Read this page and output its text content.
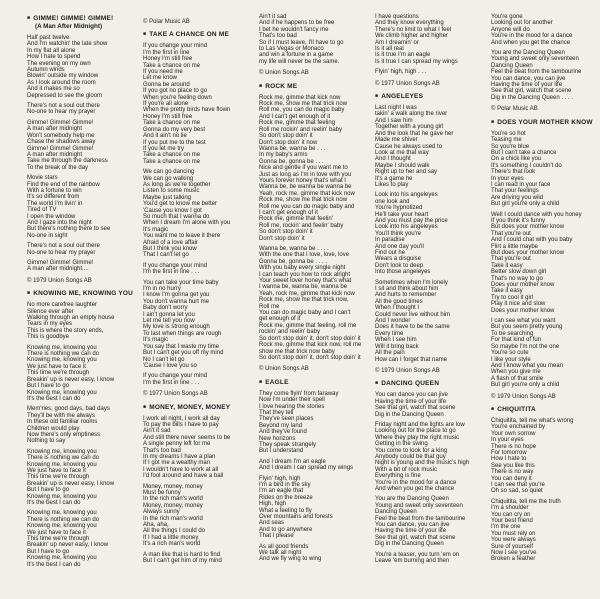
■ GIMME! GIMME! GIMME!
(A Man After Midnight)
Half past twelve
And I'm watchin' the late show
In my flat all alone
How I hate to spend
The evening on my own
Autumn winds
Blowin' outside my window
As I look around the room
And it makes me so
Depressed to see the gloom
There's not a soul out there
No-one to hear my prayer
Gimme! Gimme! Gimme!
A man after midnight
Won't somebody help me
Chase the shadows away
Gimme! Gimme! Gimme!
A man after midnight
Take me through the darkness
To the break of the day
Movie stars
Find the end of the rainbow
With a fortune to win
It's so different from
The world I'm livin' in
Tired of TV
I open the window
And I gaze into the night
But there's nothing there to see
No-one in sight
There's not a soul out there
No-one to hear my prayer
Gimme! Gimme! Gimme!
A man after midnight....
© 1979 Union Songs AB
■ KNOWING ME, KNOWING YOU
No more carefree laughter
Silence ever after
Walking through an empty house
Tears in my eyes
This is where the story ends,
This is goodbye
Knowing me, knowing you
There is nothing we can do
Knowing me, knowing you
We just have to face it
This time we're through
Breakin' up is never easy, I know
But I have to go
Knowing me, knowing you
It's the best I can do
Mem'ries, good days, bad days
They'll be with me always
In these old familiar rooms
Children would play
Now there's only emptiness
Nothing to say
Knowing me, knowing you
There is nothing we can do
Knowing me, knowing you
We just have to face it
This time we're through
Breakin' up is never easy, I know
But I have to go
Knowing me, knowing you
It's the best I can do
Knowing me, knowing you
There is nothing we can do
Knowing me, knowing you
We just have to face it
This time we're through
Breakin' up never easy, I know
But I have to go
Knowing me, knowing you
It's the best I can do
© Polar Music AB
■ TAKE A CHANCE ON ME
If you change your mind
I'm the first in line
Honey I'm still free
Take a chance on me
If you need me
Let me know
Gonna be around
If you got no place to go
When you're feeling down
If you're all alone
When the pretty birds have flown
Honey I'm still free
Take a chance on me
Gonna do my very best
And it ain't no lie
If you put me to the test
If you let me try
Take a chance on me
Take a chance on me
We can go dancing
We can go walking
As long as we're together
Listen to some music
Maybe just talking
You'd get to know me better
'Cause you know I got
So much that I wanna do
When I dream I'm alone with you
It's magic
You want me to leave it there
Afraid of a love affair
But I think you know
That I can't let go
If you change your mind
I'm the first in line . . .
You can take your time baby
I'm in no hurry
I know I'm gonna get you
You don't wanna hurt me
Baby don't worry
I ain't gonna let you
Let me tell you now
My love is strong enough
To last when things are rough
It's magic
You say that I waste my time
But I can't get you off my mind
No I can't let go
'Cause I love you so
If you change your mind
I'm the first in line . . .
© 1977 Union Songs AB
■ MONEY, MONEY, MONEY
I work all night, I work all day
To pay the bills I have to pay
Ain't it sad
And still there never seems to be
A single penny left for me
That's too bad
In my dreams I have a plan
If I got me a wealthy man
I wouldn't have to work at all
I'd fool around and have a ball
Money, money, money
Must be funny
In the rich man's world
Money, money, money
Always sunny
In the rich man's world
Aha, aha,
All the things I could do
If I had a little money
It's a rich man's world
A man like that is hard to find
But I can't get him of my mind
Ain't it sad
And if he happens to be free
I bet he wouldn't fancy me
That's too bad
So if I must leave, I'll have to go
to Las Vegas or Monaco
and win a fortune in a game
my life will never be the same.
© Union Songs AB
■ ROCK ME
Rock me, gimme that kick now
Rock me, show me that trick now
Roll me, you can do magic baby
And I can't get enough of it
Rock me, gimme that feeling
Roll me rockin' and reelin' baby
So don't stop doin' it
Don't stop doin' it now
Wanna be, wanna be . . .
In my baby's arms
Gonna be, gonna be . . .
Nice and gentle if you want me to
Just as long as I'm in love with you
Yours forever honey that's what I
Wanna be, be wanna be wanna be
Yeah, rock me, gimme that kick now
Rock me, show me that trick now
Roll me you can do magic baby and
I can't get enough of it
Rock me, gimme that feelin'
Roll me, rockin' and feelin' baby
So don't stop doin' it
Don't stop doin' it
Wanna be, wanna be . . . .
With the one that I love, love, love
Gonna be, gonna be . . . .
With you baby every single night
I can teach you how to rock alright
Your sweet lover honey that's what
I wanna be, wanna be, wanna be
Yeah, rock me, gimme that kick now
Rock me, show me that trick now,
Roll me
You can do magic baby and I can't
get enough of it
Rock me, gimme that feeling, roll me
rockin' and reelin' baby
So don't stop doin' it, don't stop doin' it
Rock me, gimme that kick now, roll me
show me that trick now baby
So don't stop doin' it, don't stop doin' it
© Union Songs AB
■ EAGLE
They come flyin' from faraway
Now I'm under their spell
I love hearing the stories
That they tell
They've seen places
Beyond my land
And they've found
New horizons
They speak strangely
But I understand
And I dream I'm an eagle
And I dream I can spread my wings
Flyin' high, high
I'm a bird in the sky
I'm an eagle that
Rides on the breeze
High, high
What a feeling to fly
Over mountains and forests
And seas
And to go anywhere
That I please
As all good friends
We talk all night
And we fly wing to wing
I have questions
And they know everything
There's no limit to what I feel
We climb higher and higher
Am I dreamin' or
Is it all real
Is it true I'm an eagle
Is it true I can spread my wings
Flyin' high, high . . .
© 1977 Union Songs AB
■ ANGELEYES
Last night I was
takin' a walk along the river
And I saw him
Together with a young girl
And the look that he gave her
Made me shiver
Cause he always used to
Look at me that way
And I thought
Maybe I should walk
Right up to her and say
It's a game he
Likes to play
Look into his angeleyes
one look and
You're hypnotized
He'll take your heart
And you must pay the price
Look into his angeleyes
You'll think you're
In paradise
And one day you'll
Find out he
Wears a disguise
Don't look to deep
Into those angeleyes
Sometimes when I'm lonely
I sit and think about him
And hurts to remember
All the good times
When I thought I
Could never live without him
And I wonder
Does it have to be the same
Every time
When I see him
Will it bring back
All the pain
How can I forget that name
© 1979 Union Songs AB
■ DANCING QUEEN
You can dance you can jive
Having the time of your life
See that girl, watch that scene
Dig in the Dancing Queen
Friday night and the lights are low
Looking out for the place to go
Where they play the right music
Getting in the swing
You come to look for a king
Anybody could be that guy
Night is young and the music's high
With a bit of rock music
Everything is fine
You're in the mood for a dance
And when you get the chance
You are the Dancing Queen
Young and sweet only seventeen
Dancing Queen
Feel the beat from the tambourine
You can dance, you can jive
Having the time of your life
See that girl, watch that scene
Dig in the Dancing Queen
You're a teaser, you turn 'em on
Leave 'em burning and then
You're gone
Looking out for another
Anyone will do
You're in the mood for a dance
And when you get the chance
You are the Dancing Queen
Young and sweet only seventeen
Dancing Queen
Feel the beat from the tambourine
You can dance, you can jive
Having the time of your life
See that girl, watch that scene
Dig in the Dancing Queen . . . .
© Polar Music AB
■ DOES YOUR MOTHER KNOW
You're so hot
Teasing me
So you're blue
But I can't take a chance
On a chick like you
It's something I couldn't do
There's that look
In your eyes
I can read in your face
That your feelings
Are driving you wild
But girl you're only a child
Well I could dance with you honey
If you think it's funny
But does your mother know
That you're out
And I could chat with you baby
Flirt a little maybe
But does your mother know
That you're out
Take it easy
Better slow down girl
That's no way to go
Does your mother know
Take it easy
Try to cool it girl
Play it nice and slow
Does your mother know
I can see what you want
But you seem pretty young
To be searching
For that kind of fun
So maybe I'm not the one
You're so cute
I like your style
And I know what you mean
When you give me
A flash of that smile
But girl you're only a child
© 1979 Union Songs AB
■ CHIQUITITA
Chiquitita, tell me what's wrong
You're enchained by
Your own sorrow
In your eyes
There is no hope
For tomorrow
How I hate to
See you like this
There is no way
You can deny it
I can see that you're
Oh so sad, so quiet
Chiquitita, tell me the truth
I'm a shoulder
You can cry on
Your best friend
I'm the one
You must rely on
You were always
Sure of yourself
Now I see you've
Broken a feather
